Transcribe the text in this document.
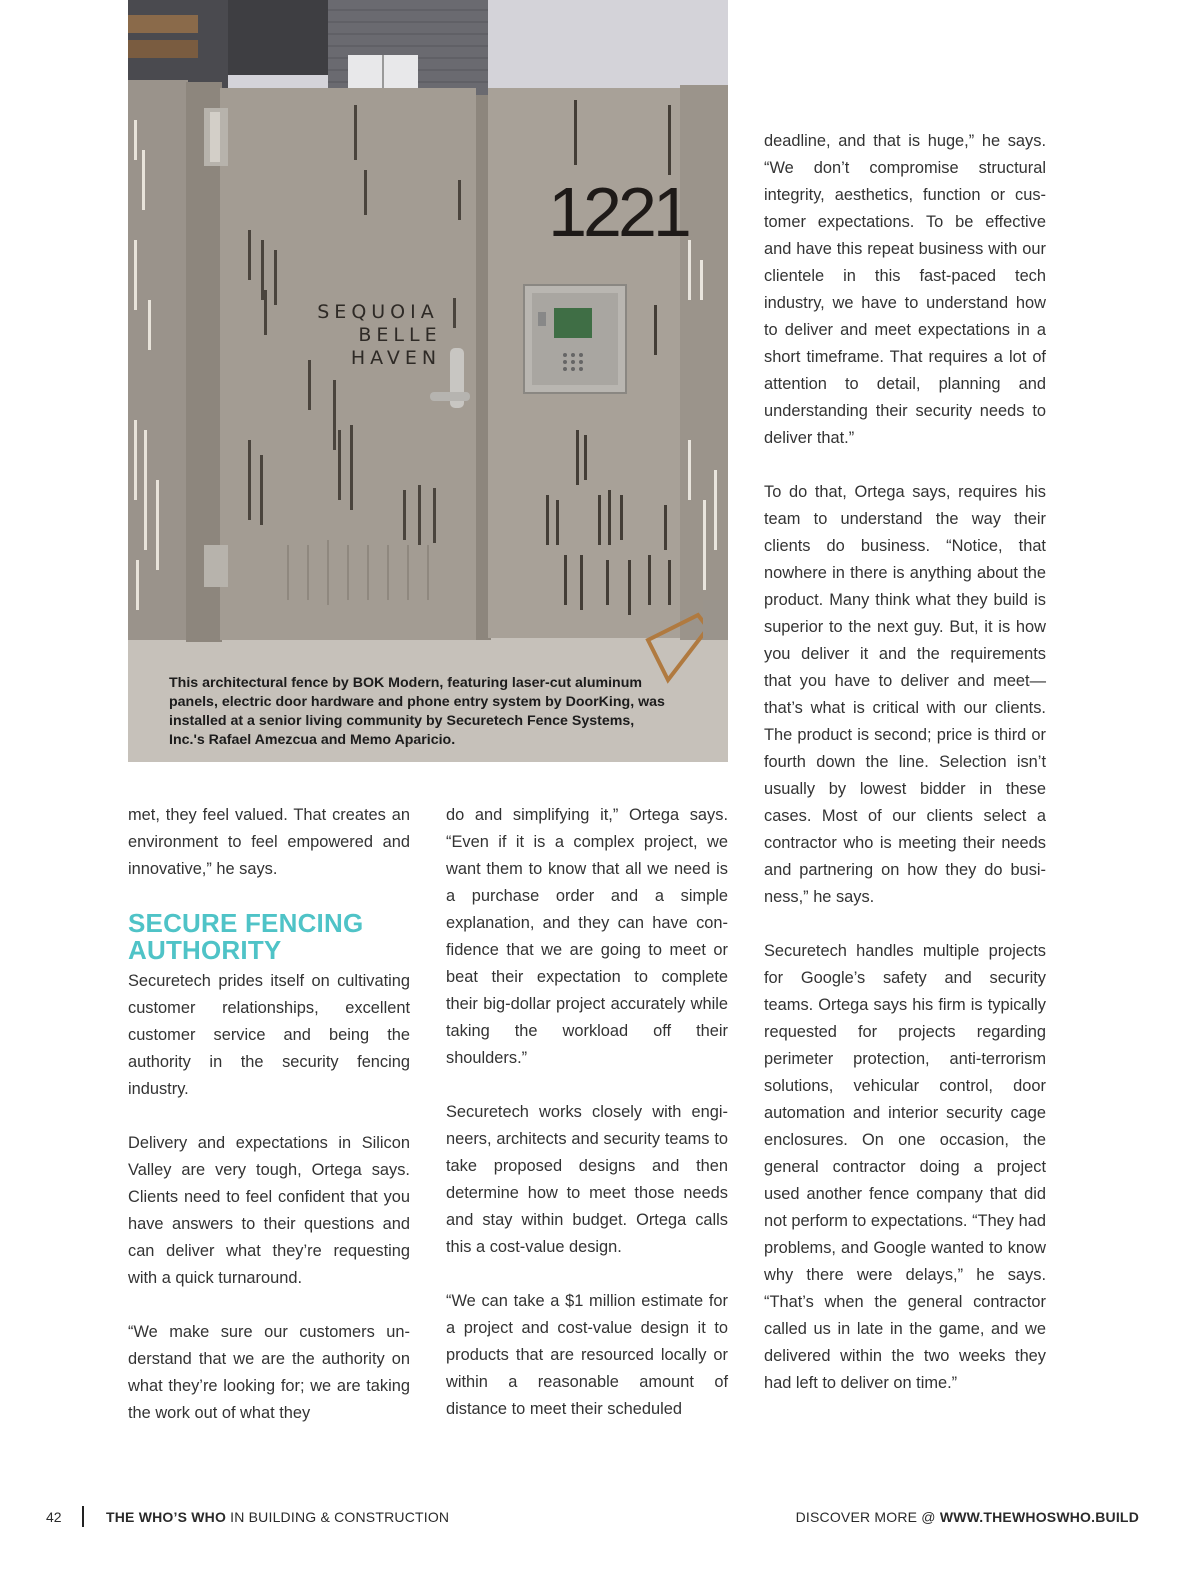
SEQUOIA
BELLE
HAVEN
1221
This architectural fence by BOK Modern, featuring laser-cut aluminum panels, electric door hardware and phone entry system by DoorKing, was installed at a senior living community by Securetech Fence Systems, Inc.'s Rafael Amezcua and Memo Aparicio.

met, they feel valued. That creates an environment to feel empowered and innovative,” he says.

SECURE FENCING AUTHORITY

Securetech prides itself on cultivating customer relationships, excellent customer service and being the authority in the security fencing industry.

Delivery and expectations in Silicon Valley are very tough, Ortega says. Clients need to feel confident that you have answers to their questions and can deliver what they’re requesting with a quick turnaround.

“We make sure our customers understand that we are the authority on what they’re looking for; we are taking the work out of what they

do and simplifying it,” Ortega says. “Even if it is a complex project, we want them to know that all we need is a purchase order and a simple explanation, and they can have confidence that we are going to meet or beat their expectation to complete their big-dollar project accurately while taking the workload off their shoulders.”

Securetech works closely with engineers, architects and security teams to take proposed designs and then determine how to meet those needs and stay within budget. Ortega calls this a cost-value design.

“We can take a $1 million estimate for a project and cost-value design it to products that are resourced locally or within a reasonable amount of distance to meet their scheduled

deadline, and that is huge,” he says. “We don’t compromise structural integrity, aesthetics, function or customer expectations. To be effective and have this repeat business with our clientele in this fast-paced tech industry, we have to understand how to deliver and meet expectations in a short timeframe. That requires a lot of attention to detail, planning and understanding their security needs to deliver that.”

To do that, Ortega says, requires his team to understand the way their clients do business. “Notice, that nowhere in there is anything about the product. Many think what they build is superior to the next guy. But, it is how you deliver it and the requirements that you have to deliver and meet—that’s what is critical with our clients. The product is second; price is third or fourth down the line. Selection isn’t usually by lowest bidder in these cases. Most of our clients select a contractor who is meeting their needs and partnering on how they do business,” he says.

Securetech handles multiple projects for Google’s safety and security teams. Ortega says his firm is typically requested for projects regarding perimeter protection, anti-terrorism solutions, vehicular control, door automation and interior security cage enclosures. On one occasion, the general contractor doing a project used another fence company that did not perform to expectations. “They had problems, and Google wanted to know why there were delays,” he says. “That’s when the general contractor called us in late in the game, and we delivered within the two weeks they had left to deliver on time.”

42	THE WHO’S WHO IN BUILDING & CONSTRUCTION	DISCOVER MORE @ WWW.THEWHOSWHO.BUILD
